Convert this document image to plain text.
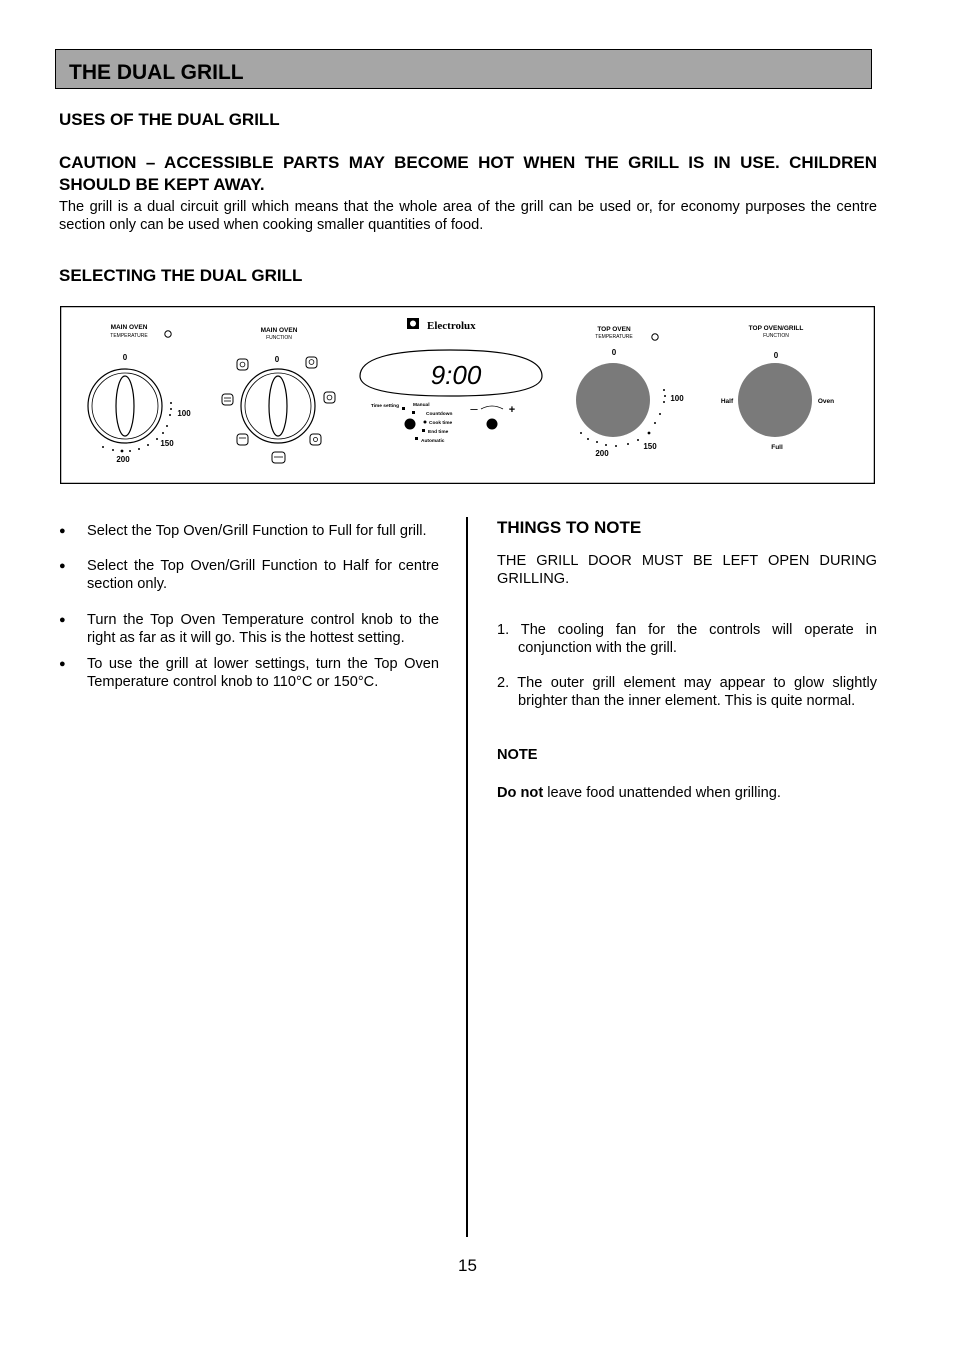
THE DUAL GRILL
USES OF THE DUAL GRILL
CAUTION – ACCESSIBLE PARTS MAY BECOME HOT WHEN THE GRILL IS IN USE. CHILDREN SHOULD BE KEPT AWAY.
The grill is a dual circuit grill which means that the whole area of the grill can be used or, for economy purposes the centre section only can be used when cooking smaller quantities of food.
SELECTING THE DUAL GRILL
MAIN OVEN
TEMPERATURE
0
100
150
200
MAIN OVEN
FUNCTION
0
Electrolux
9:00
Time setting	Manual
Countdown
Cook time
End time
Automatic
–	+
TOP OVEN
TEMPERATURE
0
100
150
200
TOP OVEN/GRILL
FUNCTION
0
Half	Oven
Full
● Select the Top Oven/Grill Function to Full for full grill.
● Select the Top Oven/Grill Function to Half for centre section only.
● Turn the Top Oven Temperature control knob to the right as far as it will go. This is the hottest setting.
● To use the grill at lower settings, turn the Top Oven Temperature control knob to 110°C or 150°C.
THINGS TO NOTE
THE GRILL DOOR MUST BE LEFT OPEN DURING GRILLING.
1. The cooling fan for the controls will operate in conjunction with the grill.
2. The outer grill element may appear to glow slightly brighter than the inner element. This is quite normal.
NOTE
Do not leave food unattended when grilling.
15
